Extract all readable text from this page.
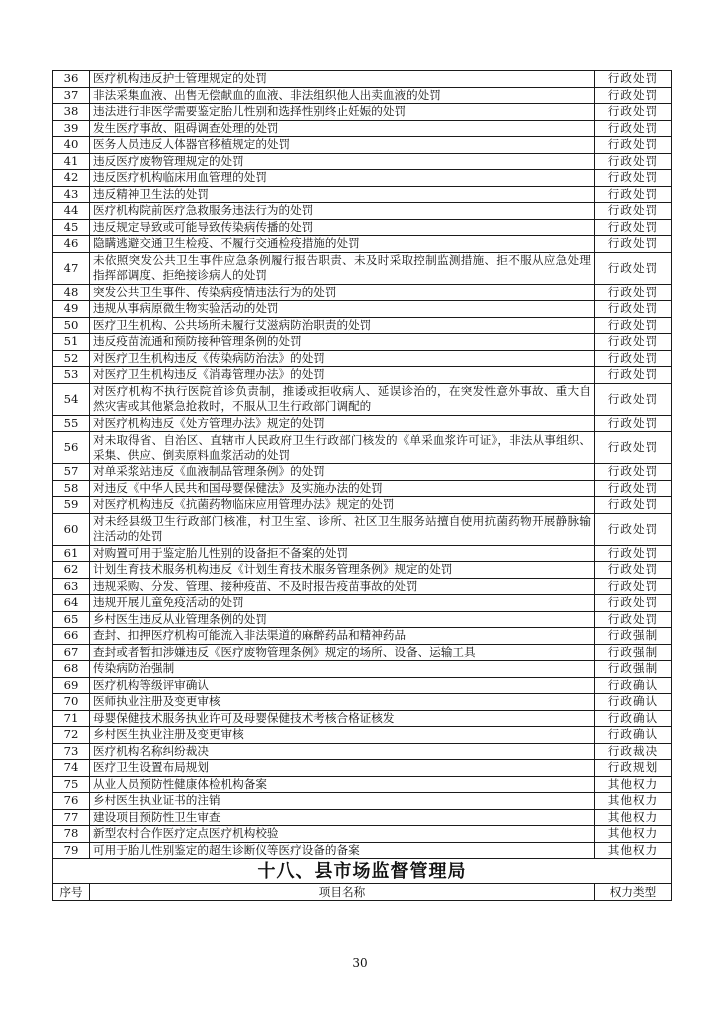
36	医疗机构违反护士管理规定的处罚	行政处罚
37	非法采集血液、出售无偿献血的血液、非法组织他人出卖血液的处罚	行政处罚
38	违法进行非医学需要鉴定胎儿性别和选择性别终止妊娠的处罚	行政处罚
39	发生医疗事故、阻碍调查处理的处罚	行政处罚
40	医务人员违反人体器官移植规定的处罚	行政处罚
41	违反医疗废物管理规定的处罚	行政处罚
42	违反医疗机构临床用血管理的处罚	行政处罚
43	违反精神卫生法的处罚	行政处罚
44	医疗机构院前医疗急救服务违法行为的处罚	行政处罚
45	违反规定导致或可能导致传染病传播的处罚	行政处罚
46	隐瞒逃避交通卫生检疫、不履行交通检疫措施的处罚	行政处罚
47	未依照突发公共卫生事件应急条例履行报告职责、未及时采取控制监测措施、拒不服从应急处理指挥部调度、拒绝接诊病人的处罚	行政处罚
48	突发公共卫生事件、传染病疫情违法行为的处罚	行政处罚
49	违规从事病原微生物实验活动的处罚	行政处罚
50	医疗卫生机构、公共场所未履行艾滋病防治职责的处罚	行政处罚
51	违反疫苗流通和预防接种管理条例的处罚	行政处罚
52	对医疗卫生机构违反《传染病防治法》的处罚	行政处罚
53	对医疗卫生机构违反《消毒管理办法》的处罚	行政处罚
54	对医疗机构不执行医院首诊负责制，推诿或拒收病人、延误诊治的，在突发性意外事故、重大自然灾害或其他紧急抢救时，不服从卫生行政部门调配的	行政处罚
55	对医疗机构违反《处方管理办法》规定的处罚	行政处罚
56	对未取得省、自治区、直辖市人民政府卫生行政部门核发的《单采血浆许可证》，非法从事组织、采集、供应、倒卖原料血浆活动的处罚	行政处罚
57	对单采浆站违反《血液制品管理条例》的处罚	行政处罚
58	对违反《中华人民共和国母婴保健法》及实施办法的处罚	行政处罚
59	对医疗机构违反《抗菌药物临床应用管理办法》规定的处罚	行政处罚
60	对未经县级卫生行政部门核准，村卫生室、诊所、社区卫生服务站擅自使用抗菌药物开展静脉输注活动的处罚	行政处罚
61	对购置可用于鉴定胎儿性别的设备拒不备案的处罚	行政处罚
62	计划生育技术服务机构违反《计划生育技术服务管理条例》规定的处罚	行政处罚
63	违规采购、分发、管理、接种疫苗、不及时报告疫苗事故的处罚	行政处罚
64	违规开展儿童免疫活动的处罚	行政处罚
65	乡村医生违反从业管理条例的处罚	行政处罚
66	查封、扣押医疗机构可能流入非法渠道的麻醉药品和精神药品	行政强制
67	查封或者暂扣涉嫌违反《医疗废物管理条例》规定的场所、设备、运输工具	行政强制
68	传染病防治强制	行政强制
69	医疗机构等级评审确认	行政确认
70	医师执业注册及变更审核	行政确认
71	母婴保健技术服务执业许可及母婴保健技术考核合格证核发	行政确认
72	乡村医生执业注册及变更审核	行政确认
73	医疗机构名称纠纷裁决	行政裁决
74	医疗卫生设置布局规划	行政规划
75	从业人员预防性健康体检机构备案	其他权力
76	乡村医生执业证书的注销	其他权力
77	建设项目预防性卫生审查	其他权力
78	新型农村合作医疗定点医疗机构校验	其他权力
79	可用于胎儿性别鉴定的超生诊断仪等医疗设备的备案	其他权力
十八、县市场监督管理局		
序号	项目名称	权力类型
30
